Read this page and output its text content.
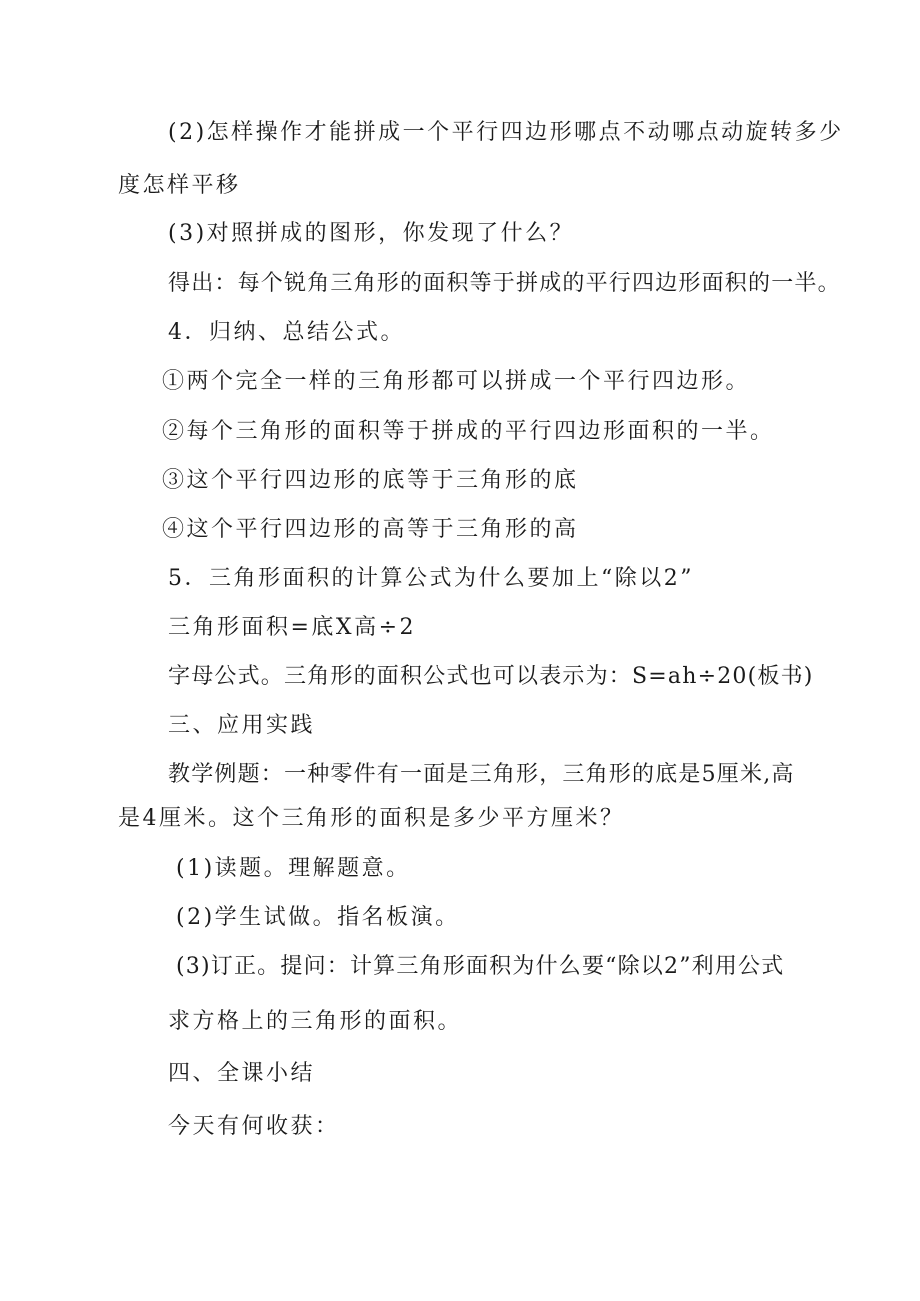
(2)怎样操作才能拼成一个平行四边形哪点不动哪点动旋转多少
度怎样平移
(3)对照拼成的图形，你发现了什么？
得出：每个锐角三角形的面积等于拼成的平行四边形面积的一半。
4．归纳、总结公式。
①两个完全一样的三角形都可以拼成一个平行四边形。
②每个三角形的面积等于拼成的平行四边形面积的一半。
③这个平行四边形的底等于三角形的底
④这个平行四边形的高等于三角形的高
5．三角形面积的计算公式为什么要加上“除以2”
三角形面积=底X高÷2
字母公式。三角形的面积公式也可以表示为：S=ah÷20(板书)
三、应用实践
教学例题：一种零件有一面是三角形，三角形的底是5厘米,高
是4厘米。这个三角形的面积是多少平方厘米？
(1)读题。理解题意。
(2)学生试做。指名板演。
(3)订正。提问：计算三角形面积为什么要“除以2”利用公式
求方格上的三角形的面积。
四、全课小结
今天有何收获：
